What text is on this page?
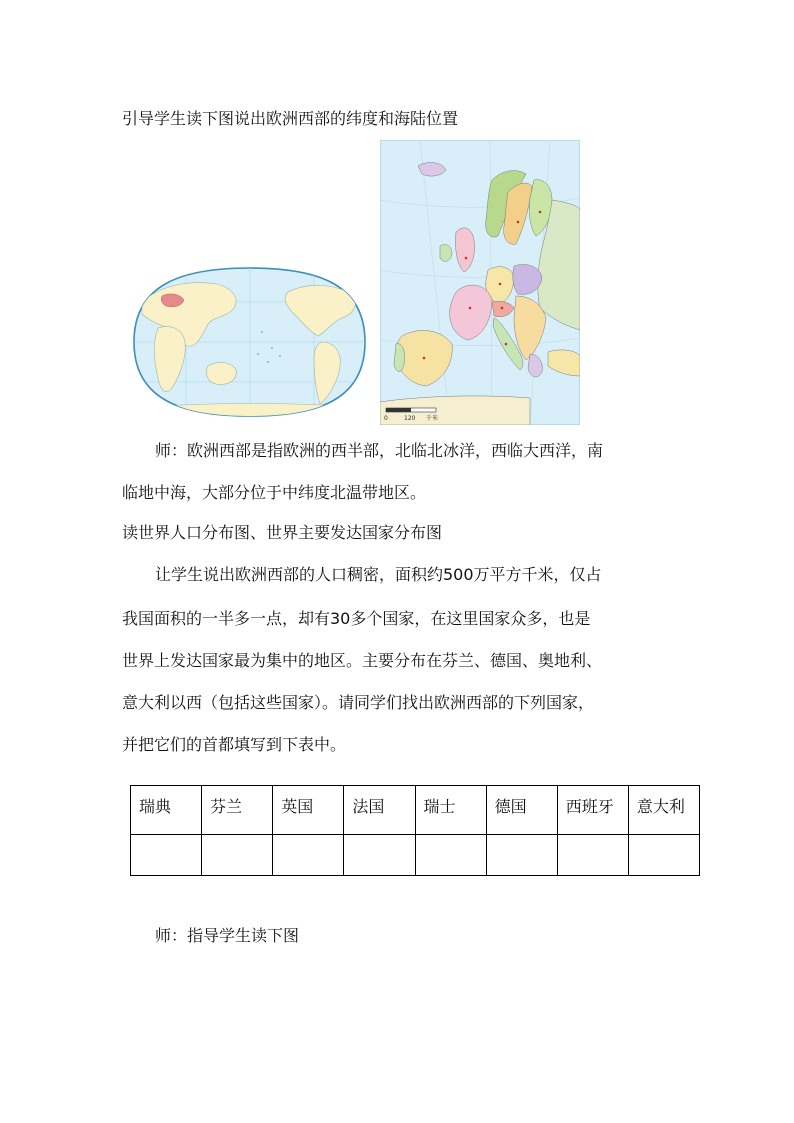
引导学生读下图说出欧洲西部的纬度和海陆位置
0	120 千米
师：欧洲西部是指欧洲的西半部，北临北冰洋，西临大西洋，南
临地中海，大部分位于中纬度北温带地区。
读世界人口分布图、世界主要发达国家分布图
让学生说出欧洲西部的人口稠密，面积约500万平方千米，仅占
我国面积的一半多一点，却有30多个国家，在这里国家众多，也是
世界上发达国家最为集中的地区。主要分布在芬兰、德国、奥地利、
意大利以西（包括这些国家）。请同学们找出欧洲西部的下列国家，
并把它们的首都填写到下表中。
瑞典	芬兰	英国	法国	瑞士	德国	西班牙	意大利

师：指导学生读下图
